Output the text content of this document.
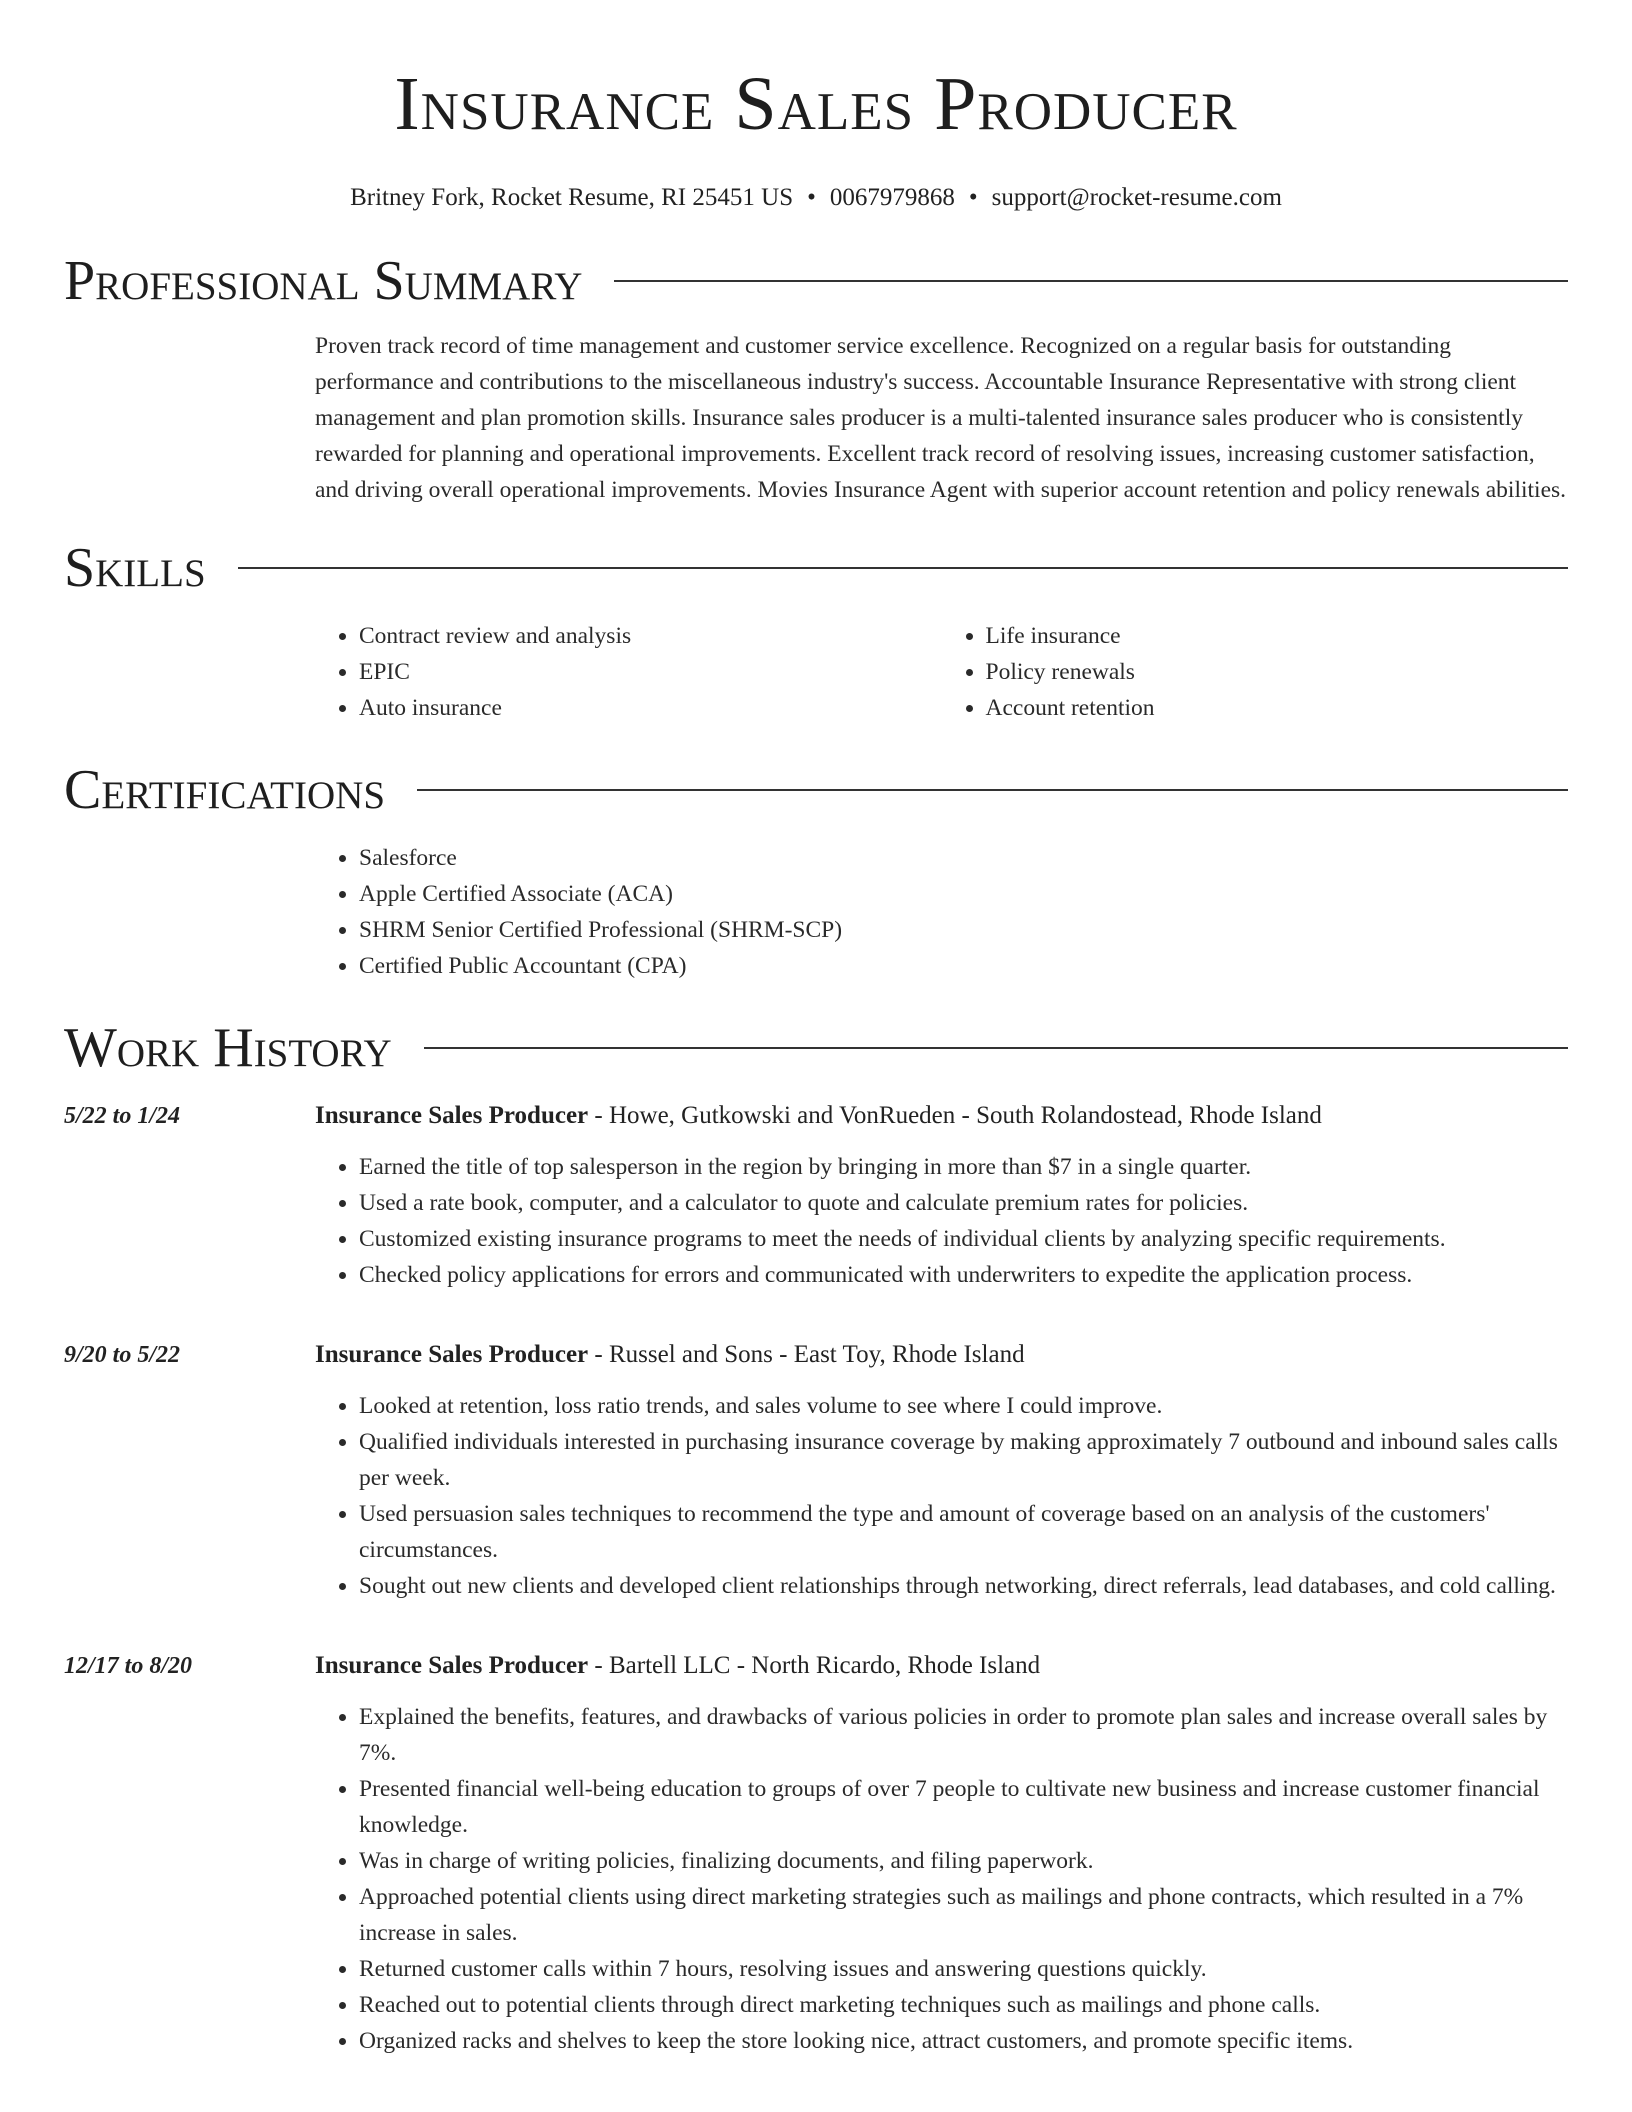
Insurance Sales Producer
Britney Fork, Rocket Resume, RI 25451 US • 0067979868 • support@rocket-resume.com
Professional Summary

Proven track record of time management and customer service excellence. Recognized on a regular basis for outstanding performance and contributions to the miscellaneous industry's success. Accountable Insurance Representative with strong client management and plan promotion skills. Insurance sales producer is a multi-talented insurance sales producer who is consistently rewarded for planning and operational improvements. Excellent track record of resolving issues, increasing customer satisfaction, and driving overall operational improvements. Movies Insurance Agent with superior account retention and policy renewals abilities.

Skills
• Contract review and analysis
• EPIC
• Auto insurance
• Life insurance
• Policy renewals
• Account retention
Certifications
• Salesforce
• Apple Certified Associate (ACA)
• SHRM Senior Certified Professional (SHRM-SCP)
• Certified Public Accountant (CPA)
Work History
5/22 to 1/24	Insurance Sales Producer - Howe, Gutkowski and VonRueden - South Rolandostead, Rhode Island
• Earned the title of top salesperson in the region by bringing in more than $7 in a single quarter.
• Used a rate book, computer, and a calculator to quote and calculate premium rates for policies.
• Customized existing insurance programs to meet the needs of individual clients by analyzing specific requirements.
• Checked policy applications for errors and communicated with underwriters to expedite the application process.
9/20 to 5/22	Insurance Sales Producer - Russel and Sons - East Toy, Rhode Island
• Looked at retention, loss ratio trends, and sales volume to see where I could improve.
• Qualified individuals interested in purchasing insurance coverage by making approximately 7 outbound and inbound sales calls per week.
• Used persuasion sales techniques to recommend the type and amount of coverage based on an analysis of the customers' circumstances.
• Sought out new clients and developed client relationships through networking, direct referrals, lead databases, and cold calling.
12/17 to 8/20	Insurance Sales Producer - Bartell LLC - North Ricardo, Rhode Island
• Explained the benefits, features, and drawbacks of various policies in order to promote plan sales and increase overall sales by 7%.
• Presented financial well-being education to groups of over 7 people to cultivate new business and increase customer financial knowledge.
• Was in charge of writing policies, finalizing documents, and filing paperwork.
• Approached potential clients using direct marketing strategies such as mailings and phone contracts, which resulted in a 7% increase in sales.
• Returned customer calls within 7 hours, resolving issues and answering questions quickly.
• Reached out to potential clients through direct marketing techniques such as mailings and phone calls.
• Organized racks and shelves to keep the store looking nice, attract customers, and promote specific items.
